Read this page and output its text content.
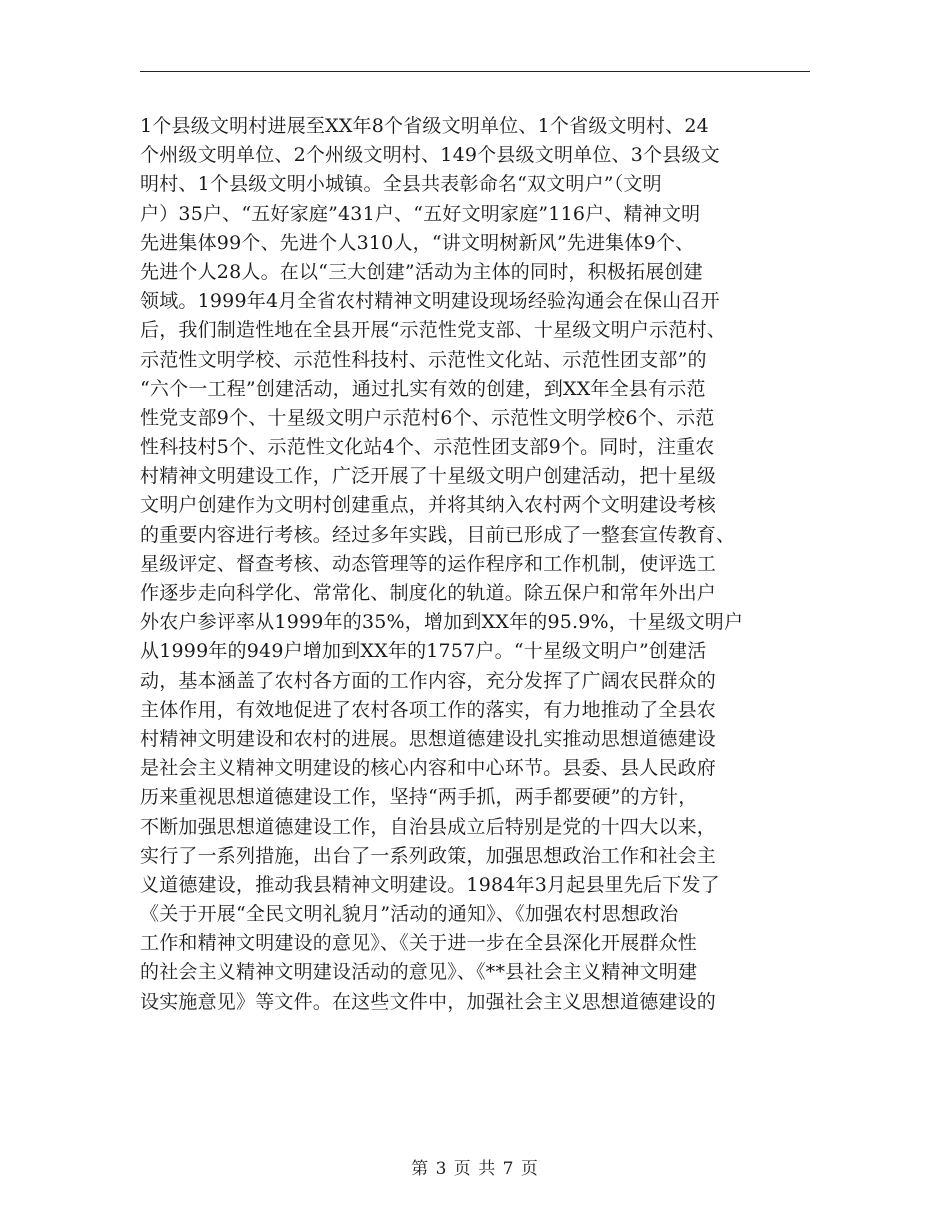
1个县级文明村进展至XX年8个省级文明单位、1个省级文明村、24
个州级文明单位、2个州级文明村、149个县级文明单位、3个县级文
明村、1个县级文明小城镇。全县共表彰命名“双文明户”（文明
户）35户、“五好家庭”431户、“五好文明家庭”116户、精神文明
先进集体99个、先进个人310人，“讲文明树新风”先进集体9个、
先进个人28人。在以“三大创建”活动为主体的同时，积极拓展创建
领域。1999年4月全省农村精神文明建设现场经验沟通会在保山召开
后，我们制造性地在全县开展“示范性党支部、十星级文明户示范村、
示范性文明学校、示范性科技村、示范性文化站、示范性团支部”的
“六个一工程”创建活动，通过扎实有效的创建，到XX年全县有示范
性党支部9个、十星级文明户示范村6个、示范性文明学校6个、示范
性科技村5个、示范性文化站4个、示范性团支部9个。同时，注重农
村精神文明建设工作，广泛开展了十星级文明户创建活动，把十星级
文明户创建作为文明村创建重点，并将其纳入农村两个文明建设考核
的重要内容进行考核。经过多年实践，目前已形成了一整套宣传教育、
星级评定、督查考核、动态管理等的运作程序和工作机制，使评选工
作逐步走向科学化、常常化、制度化的轨道。除五保户和常年外出户
外农户参评率从1999年的35%，增加到XX年的95.9%，十星级文明户
从1999年的949户增加到XX年的1757户。“十星级文明户”创建活
动，基本涵盖了农村各方面的工作内容，充分发挥了广阔农民群众的
主体作用，有效地促进了农村各项工作的落实，有力地推动了全县农
村精神文明建设和农村的进展。思想道德建设扎实推动思想道德建设
是社会主义精神文明建设的核心内容和中心环节。县委、县人民政府
历来重视思想道德建设工作，坚持“两手抓，两手都要硬”的方针，
不断加强思想道德建设工作，自治县成立后特别是党的十四大以来，
实行了一系列措施，出台了一系列政策，加强思想政治工作和社会主
义道德建设，推动我县精神文明建设。1984年3月起县里先后下发了
《关于开展“全民文明礼貌月”活动的通知》、《加强农村思想政治
工作和精神文明建设的意见》、《关于进一步在全县深化开展群众性
的社会主义精神文明建设活动的意见》、《**县社会主义精神文明建
设实施意见》等文件。在这些文件中，加强社会主义思想道德建设的
第 3 页 共 7 页
